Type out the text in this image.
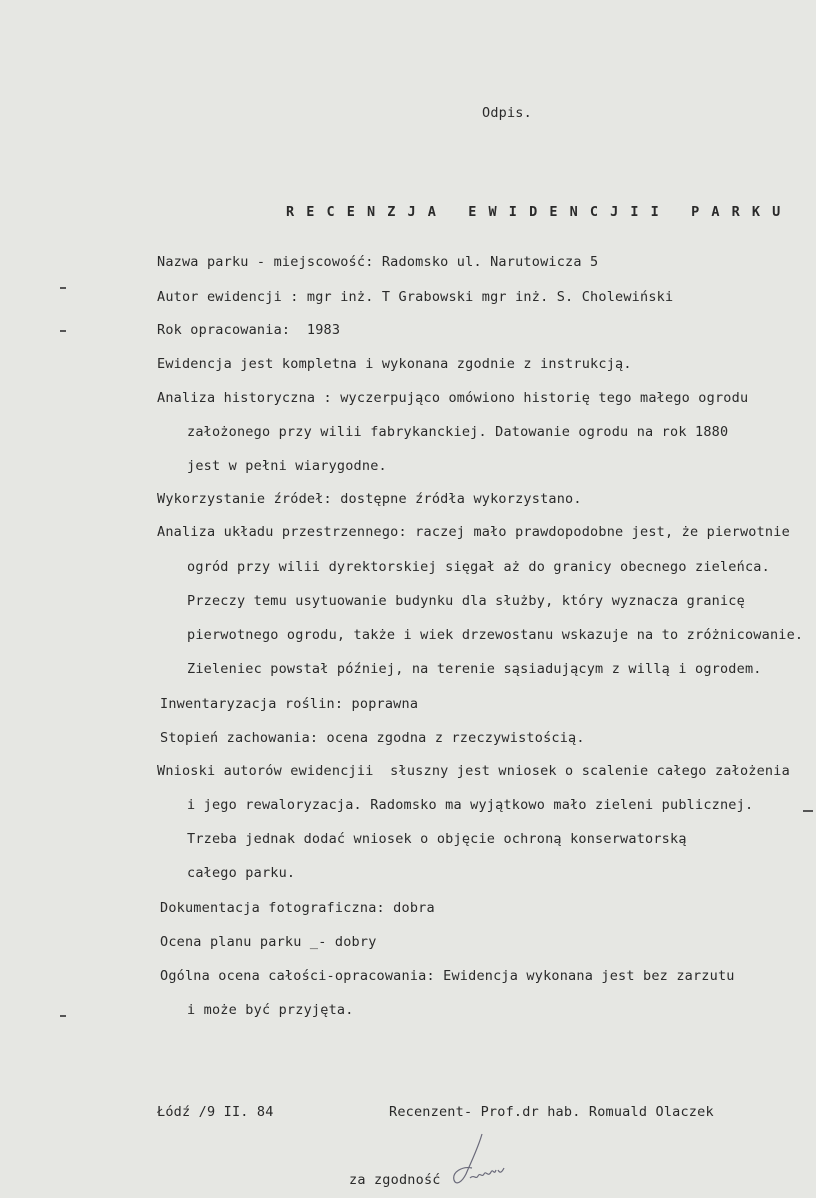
Odpis.
R E C E N Z J A   E W I D E N C J I I   P A R K U
Nazwa parku - miejscowość: Radomsko ul. Narutowicza 5
Autor ewidencji : mgr inż. T Grabowski mgr inż. S. Cholewiński
Rok opracowania:  1983
Ewidencja jest kompletna i wykonana zgodnie z instrukcją.
Analiza historyczna : wyczerpująco omówiono historię tego małego ogrodu
założonego przy wilii fabrykanckiej. Datowanie ogrodu na rok 1880
jest w pełni wiarygodne.
Wykorzystanie źródeł: dostępne źródła wykorzystano.
Analiza układu przestrzennego: raczej mało prawdopodobne jest, że pierwotnie
ogród przy wilii dyrektorskiej sięgał aż do granicy obecnego zieleńca.
Przeczy temu usytuowanie budynku dla służby, który wyznacza granicę
pierwotnego ogrodu, także i wiek drzewostanu wskazuje na to zróżnicowanie.
Zieleniec powstał później, na terenie sąsiadującym z willą i ogrodem.
Inwentaryzacja roślin: poprawna
Stopień zachowania: ocena zgodna z rzeczywistością.
Wnioski autorów ewidencjii  słuszny jest wniosek o scalenie całego założenia
i jego rewaloryzacja. Radomsko ma wyjątkowo mało zieleni publicznej.
Trzeba jednak dodać wniosek o objęcie ochroną konserwatorską
całego parku.
Dokumentacja fotograficzna: dobra
Ocena planu parku _- dobry
Ogólna ocena całości-opracowania: Ewidencja wykonana jest bez zarzutu
i może być przyjęta.
Łódź /9 II. 84	Recenzent- Prof.dr hab. Romuald Olaczek
za zgodność
